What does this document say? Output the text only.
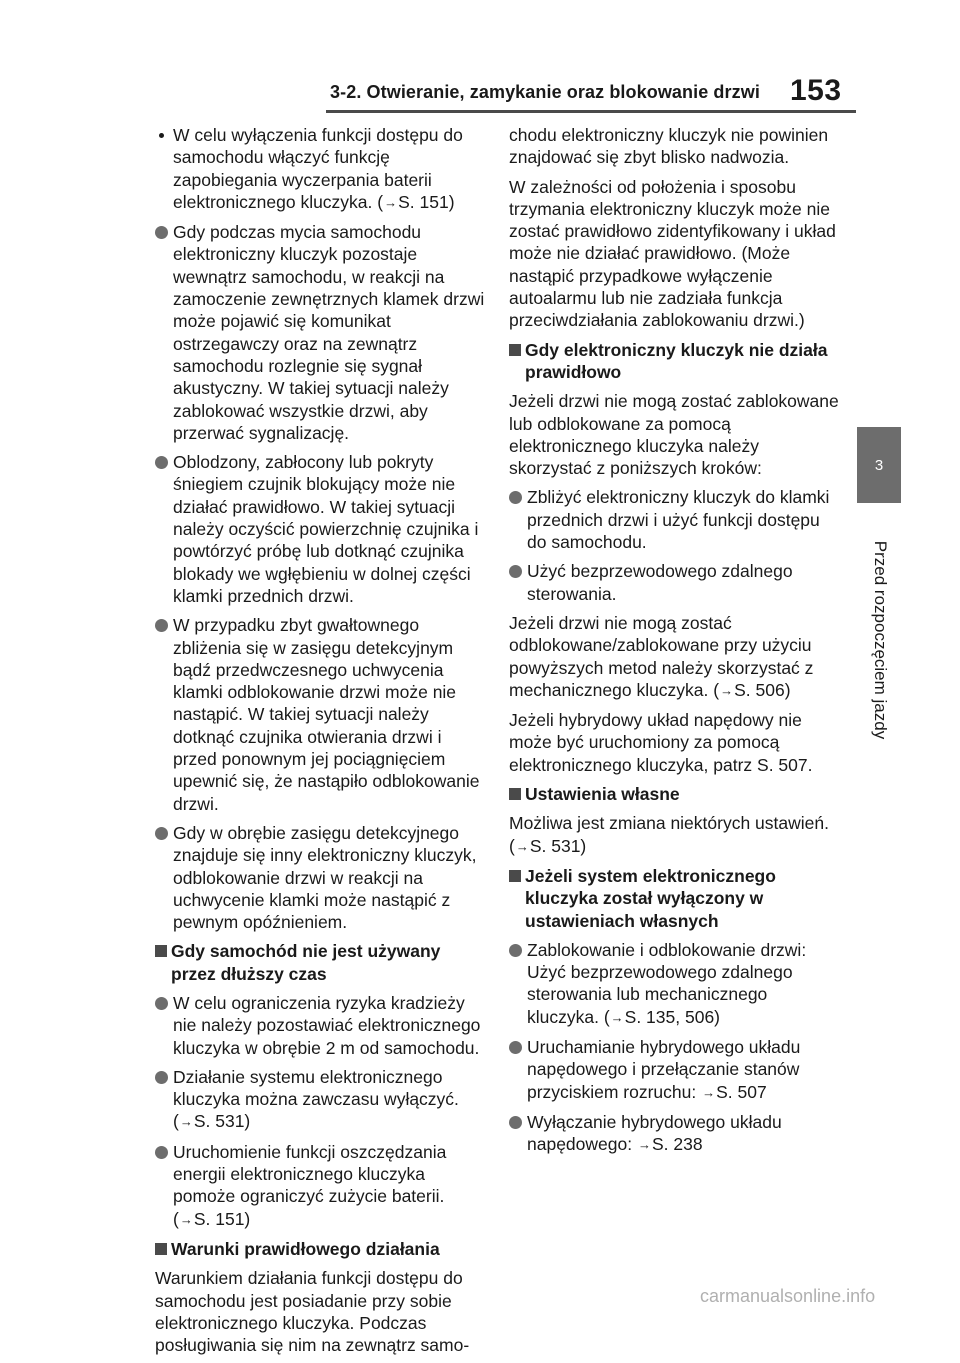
3-2. Otwieranie, zamykanie oraz blokowanie drzwi 153
W celu wyłączenia funkcji dostępu do samochodu włączyć funkcję zapobiegania wyczerpania baterii elektronicznego kluczyka. (→S. 151)
Gdy podczas mycia samochodu elektroniczny kluczyk pozostaje wewnątrz samochodu, w reakcji na zamoczenie zewnętrznych klamek drzwi może pojawić się komunikat ostrzegawczy oraz na zewnątrz samochodu rozlegnie się sygnał akustyczny. W takiej sytuacji należy zablokować wszystkie drzwi, aby przerwać sygnalizację.
Oblodzony, zabłocony lub pokryty śniegiem czujnik blokujący może nie działać prawidłowo. W takiej sytuacji należy oczyścić powierzchnię czujnika i powtórzyć próbę lub dotknąć czujnika blokady we wgłębieniu w dolnej części klamki przednich drzwi.
W przypadku zbyt gwałtownego zbliżenia się w zasięgu detekcyjnym bądź przedwczesnego uchwycenia klamki odblokowanie drzwi może nie nastąpić. W takiej sytuacji należy dotknąć czujnika otwierania drzwi i przed ponownym jej pociągnięciem upewnić się, że nastąpiło odblokowanie drzwi.
Gdy w obrębie zasięgu detekcyjnego znajduje się inny elektroniczny kluczyk, odblokowanie drzwi w reakcji na uchwycenie klamki może nastąpić z pewnym opóźnieniem.
Gdy samochód nie jest używany przez dłuższy czas
W celu ograniczenia ryzyka kradzieży nie należy pozostawiać elektronicznego kluczyka w obrębie 2 m od samochodu.
Działanie systemu elektronicznego kluczyka można zawczasu wyłączyć.
(→S. 531)
Uruchomienie funkcji oszczędzania energii elektronicznego kluczyka pomoże ograniczyć zużycie baterii.
(→S. 151)
Warunki prawidłowego działania

Warunkiem działania funkcji dostępu do samochodu jest posiadanie przy sobie elektronicznego kluczyka. Podczas posługiwania się nim na zewnątrz samo-

chodu elektroniczny kluczyk nie powinien znajdować się zbyt blisko nadwozia.

W zależności od położenia i sposobu trzymania elektroniczny kluczyk może nie zostać prawidłowo zidentyfikowany i układ może nie działać prawidłowo. (Może nastąpić przypadkowe wyłączenie autoalarmu lub nie zadziała funkcja przeciwdziałania zablokowaniu drzwi.)

Gdy elektroniczny kluczyk nie działa prawidłowo

Jeżeli drzwi nie mogą zostać zablokowane lub odblokowane za pomocą elektronicznego kluczyka należy skorzystać z poniższych kroków:

Zbliżyć elektroniczny kluczyk do klamki przednich drzwi i użyć funkcji dostępu do samochodu.
Użyć bezprzewodowego zdalnego sterowania.

Jeżeli drzwi nie mogą zostać odblokowane/zablokowane przy użyciu powyższych metod należy skorzystać z mechanicznego kluczyka. (→S. 506)

Jeżeli hybrydowy układ napędowy nie może być uruchomiony za pomocą elektronicznego kluczyka, patrz S. 507.

Ustawienia własne

Możliwa jest zmiana niektórych ustawień. (→S. 531)

Jeżeli system elektronicznego kluczyka został wyłączony w ustawieniach własnych
Zablokowanie i odblokowanie drzwi: Użyć bezprzewodowego zdalnego sterowania lub mechanicznego kluczyka. (→S. 135, 506)
Uruchamianie hybrydowego układu napędowego i przełączanie stanów przyciskiem rozruchu: →S. 507
Wyłączanie hybrydowego układu napędowego: →S. 238
3
Przed rozpoczęciem jazdy
carmanualsonline.info
